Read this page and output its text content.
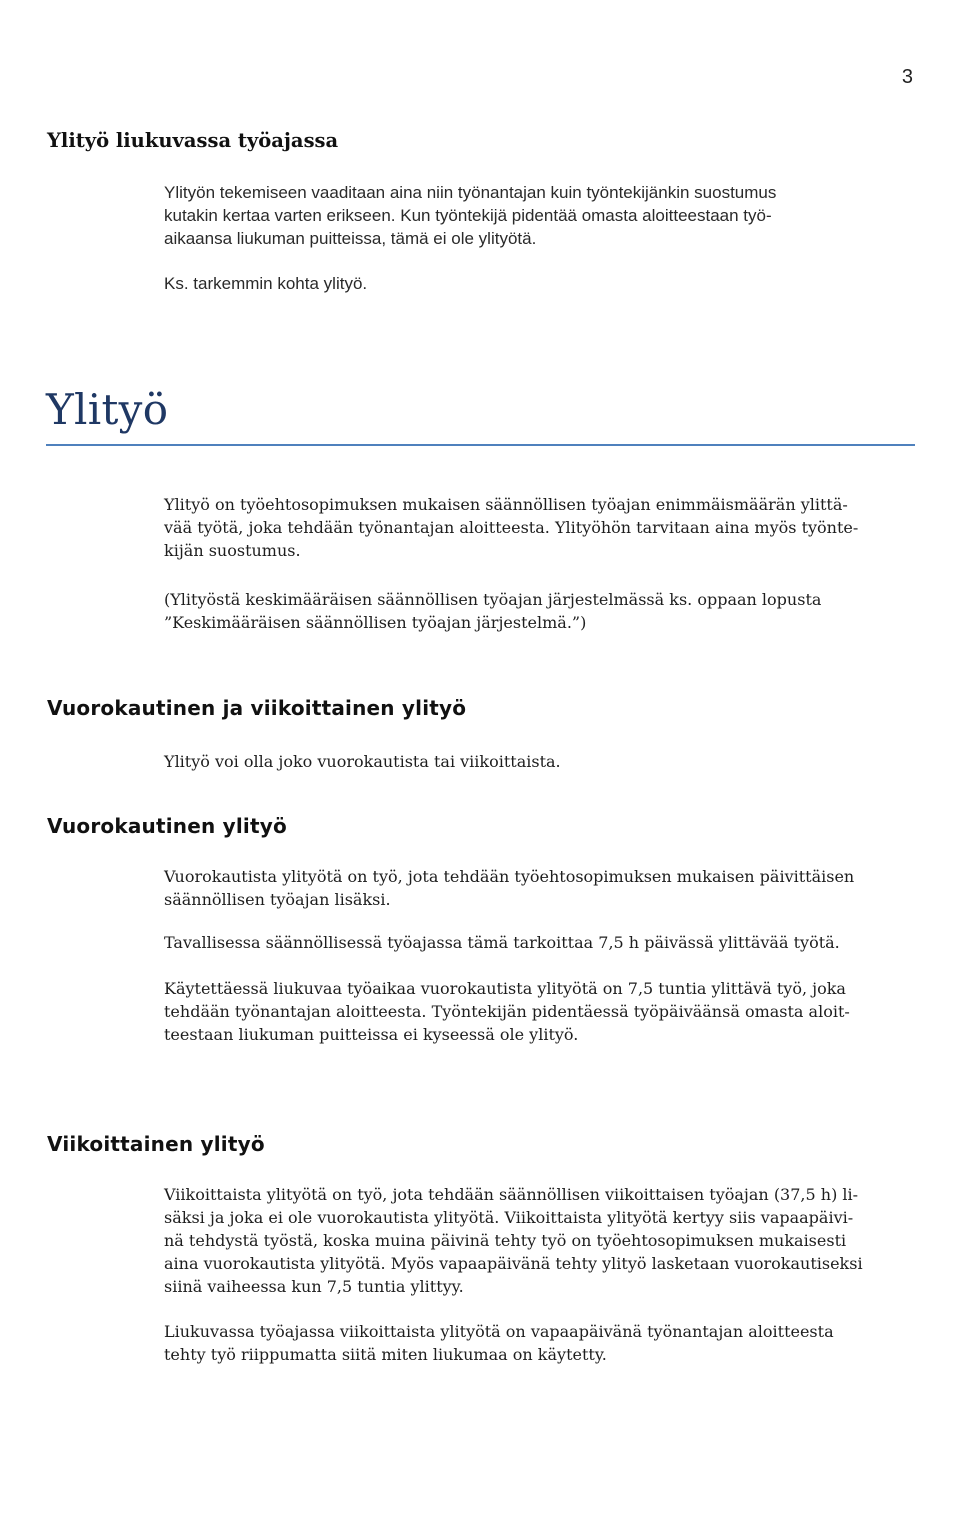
3
Ylityö liukuvassa työajassa
Ylityön tekemiseen vaaditaan aina niin työnantajan kuin työntekijänkin suostumus
kutakin kertaa varten erikseen. Kun työntekijä pidentää omasta aloitteestaan työ-
aikaansa liukuman puitteissa, tämä ei ole ylityötä.
Ks. tarkemmin kohta ylityö.
Ylityö
Ylityö on työehtosopimuksen mukaisen säännöllisen työajan enimmäismäärän ylittä-
vää työtä, joka tehdään työnantajan aloitteesta. Ylityöhön tarvitaan aina myös työnte-
kijän suostumus.
(Ylityöstä keskimääräisen säännöllisen työajan järjestelmässä ks. oppaan lopusta
”Keskimääräisen säännöllisen työajan järjestelmä.”)
Vuorokautinen ja viikoittainen ylityö
Ylityö voi olla joko vuorokautista tai viikoittaista.
Vuorokautinen ylityö
Vuorokautista ylityötä on työ, jota tehdään työehtosopimuksen mukaisen päivittäisen
säännöllisen työajan lisäksi.
Tavallisessa säännöllisessä työajassa tämä tarkoittaa 7,5 h päivässä ylittävää työtä.
Käytettäessä liukuvaa työaikaa vuorokautista ylityötä on 7,5 tuntia ylittävä työ, joka
tehdään työnantajan aloitteesta. Työntekijän pidentäessä työpäiväänsä omasta aloit-
teestaan liukuman puitteissa ei kyseessä ole ylityö.
Viikoittainen ylityö
Viikoittaista ylityötä on työ, jota tehdään säännöllisen viikoittaisen työajan (37,5 h) li-
säksi ja joka ei ole vuorokautista ylityötä. Viikoittaista ylityötä kertyy siis vapaapäivi-
nä tehdystä työstä, koska muina päivinä tehty työ on työehtosopimuksen mukaisesti
aina vuorokautista ylityötä. Myös vapaapäivänä tehty ylityö lasketaan vuorokautiseksi
siinä vaiheessa kun 7,5 tuntia ylittyy.
Liukuvassa työajassa viikoittaista ylityötä on vapaapäivänä työnantajan aloitteesta
tehty työ riippumatta siitä miten liukumaa on käytetty.
